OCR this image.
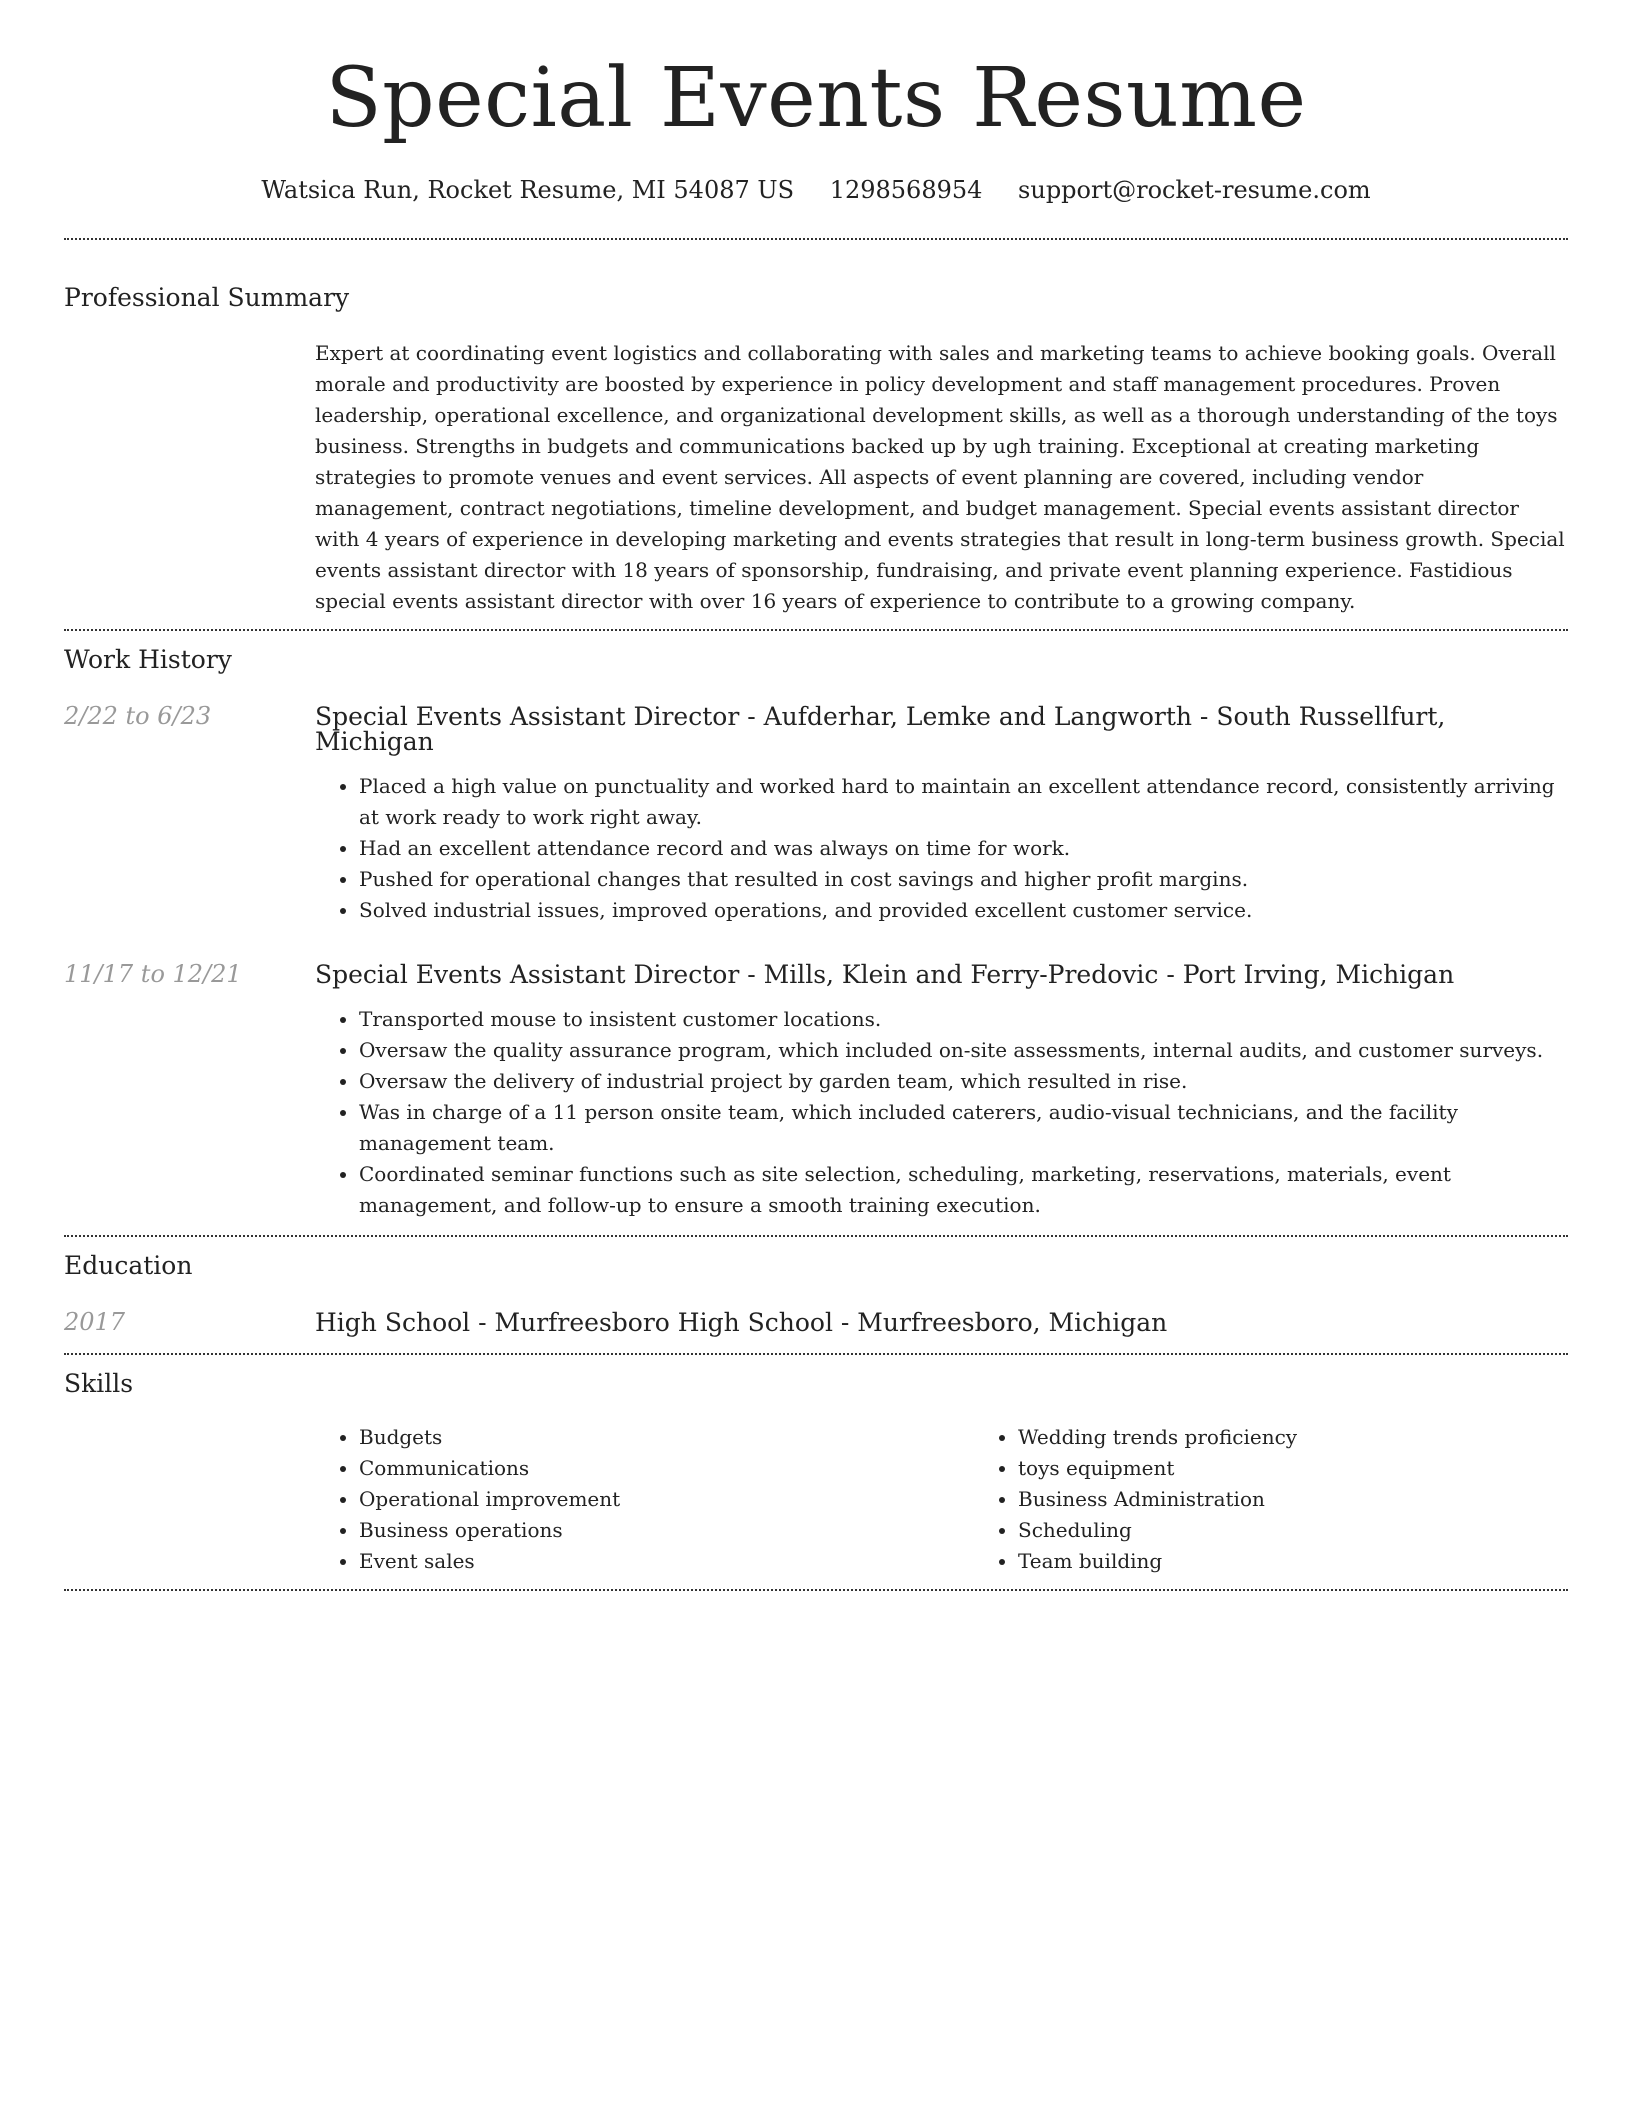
Special Events Resume
Watsica Run, Rocket Resume, MI 54087 US 1298568954 support@rocket-resume.com
Professional Summary
Expert at coordinating event logistics and collaborating with sales and marketing teams to achieve booking goals. Overall morale and productivity are boosted by experience in policy development and staff management procedures. Proven leadership, operational excellence, and organizational development skills, as well as a thorough understanding of the toys business. Strengths in budgets and communications backed up by ugh training. Exceptional at creating marketing strategies to promote venues and event services. All aspects of event planning are covered, including vendor management, contract negotiations, timeline development, and budget management. Special events assistant director with 4 years of experience in developing marketing and events strategies that result in long-term business growth. Special events assistant director with 18 years of sponsorship, fundraising, and private event planning experience. Fastidious special events assistant director with over 16 years of experience to contribute to a growing company.
Work History
2/22 to 6/23	Special Events Assistant Director - Aufderhar, Lemke and Langworth - South Russellfurt, Michigan
• Placed a high value on punctuality and worked hard to maintain an excellent attendance record, consistently arriving at work ready to work right away.
• Had an excellent attendance record and was always on time for work.
• Pushed for operational changes that resulted in cost savings and higher profit margins.
• Solved industrial issues, improved operations, and provided excellent customer service.
11/17 to 12/21	Special Events Assistant Director - Mills, Klein and Ferry-Predovic - Port Irving, Michigan
• Transported mouse to insistent customer locations.
• Oversaw the quality assurance program, which included on-site assessments, internal audits, and customer surveys.
• Oversaw the delivery of industrial project by garden team, which resulted in rise.
• Was in charge of a 11 person onsite team, which included caterers, audio-visual technicians, and the facility management team.
• Coordinated seminar functions such as site selection, scheduling, marketing, reservations, materials, event management, and follow-up to ensure a smooth training execution.
Education
2017	High School - Murfreesboro High School - Murfreesboro, Michigan
Skills
• Budgets
• Communications
• Operational improvement
• Business operations
• Event sales
• Wedding trends proficiency
• toys equipment
• Business Administration
• Scheduling
• Team building
